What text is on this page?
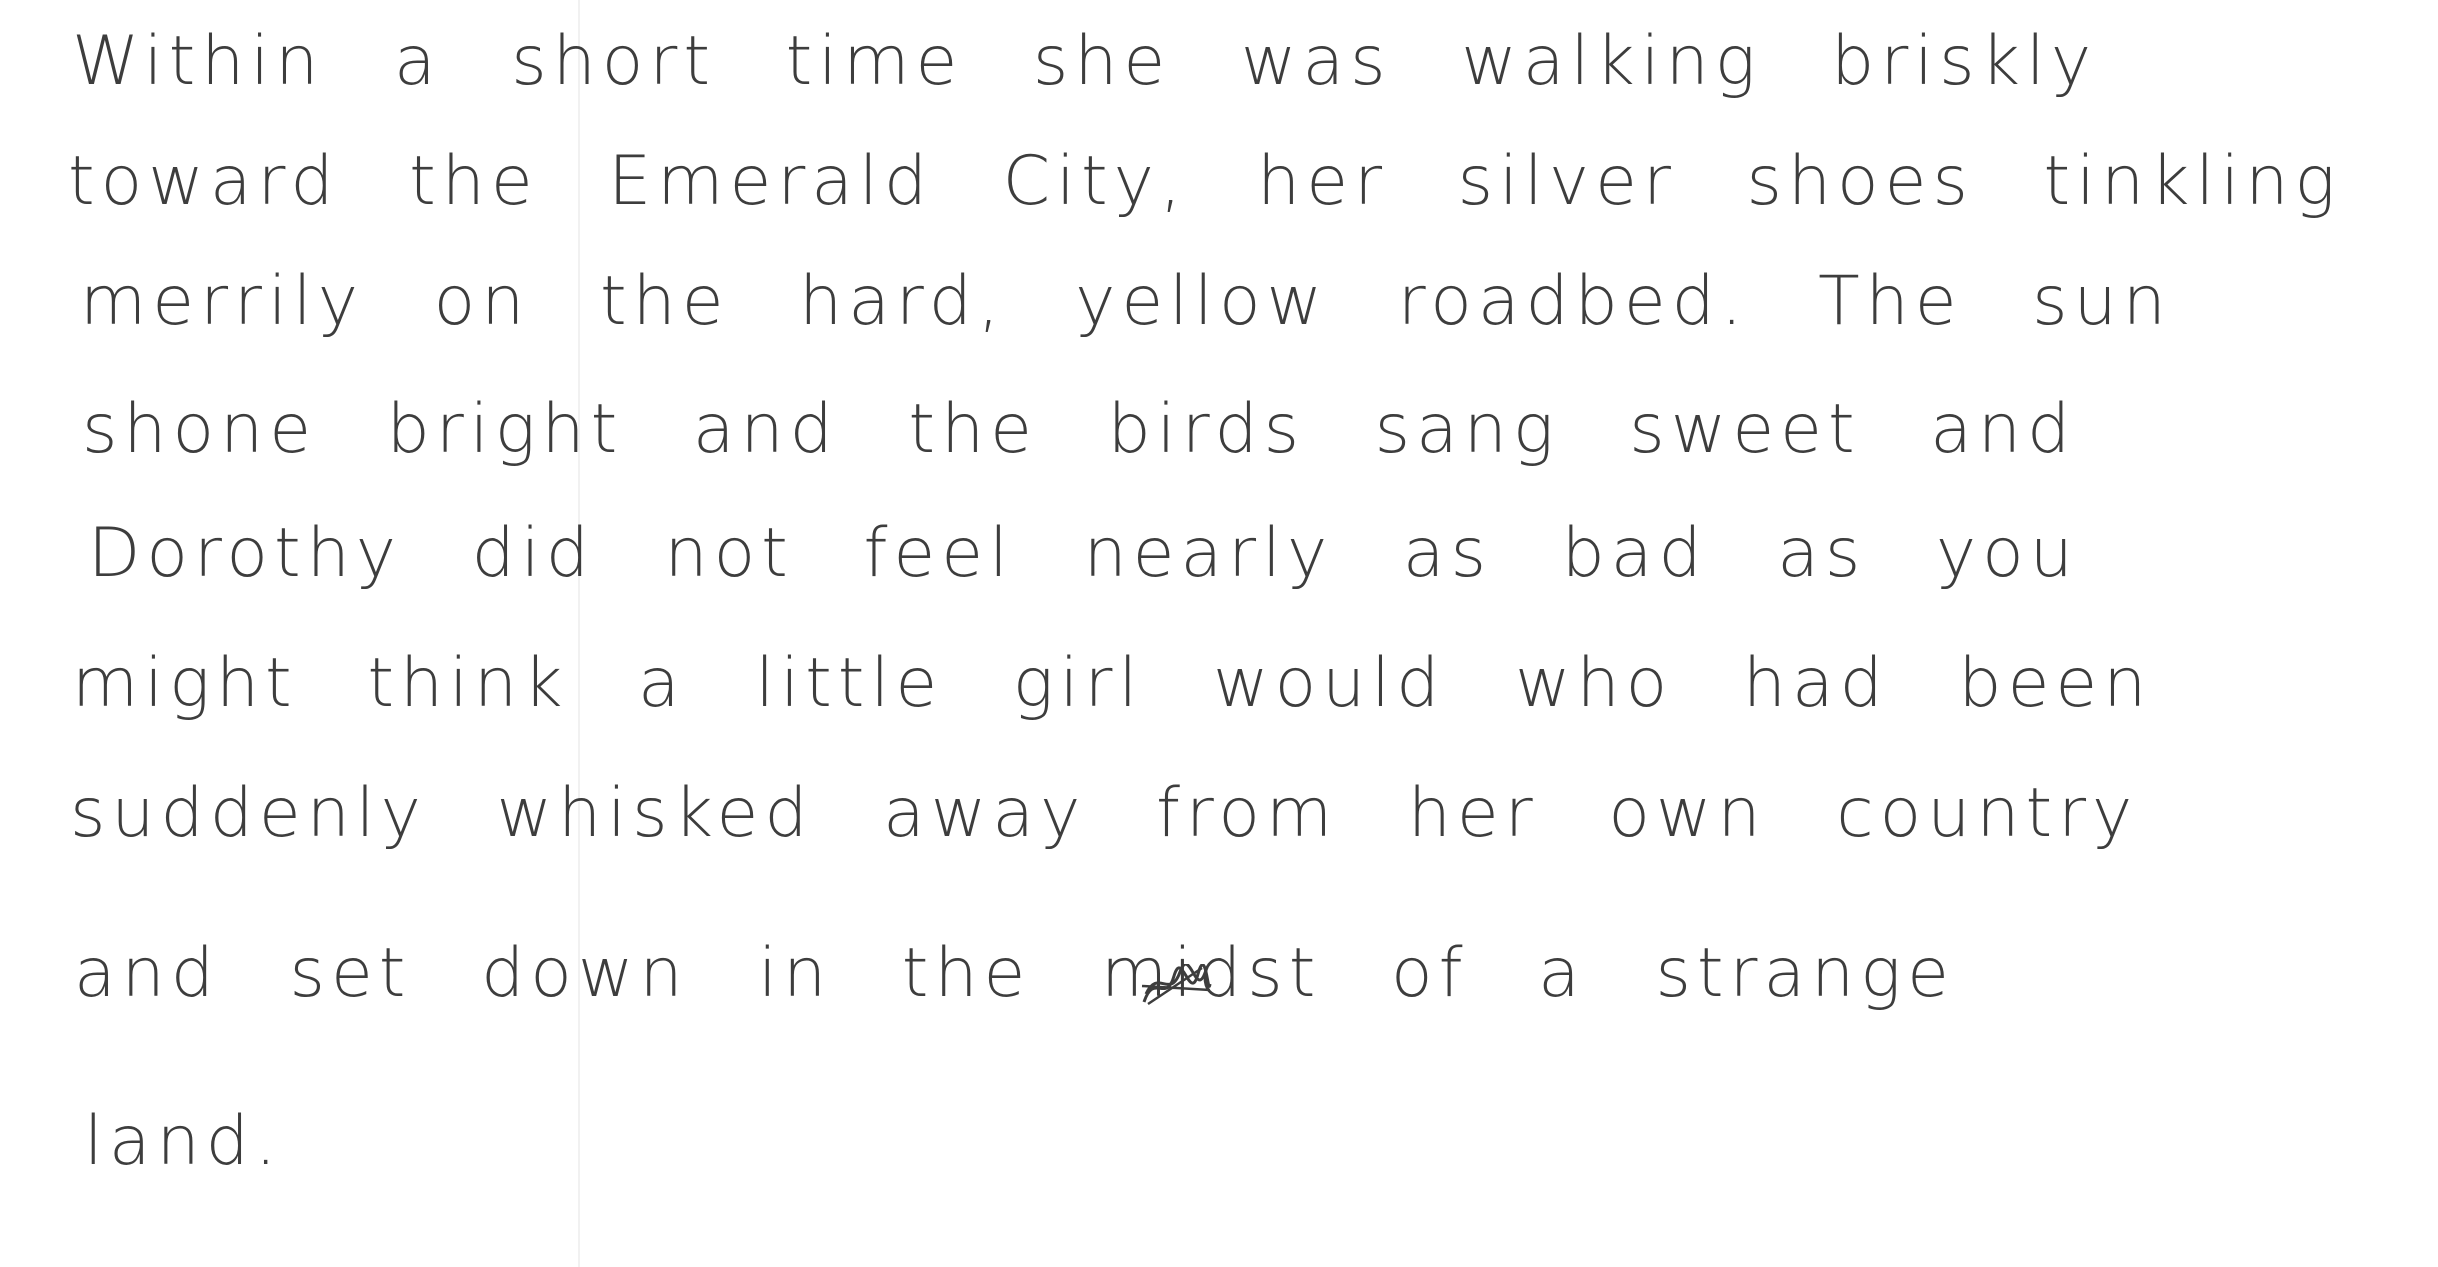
Within a short time she was walking briskly
toward the Emerald City, her silver shoes tinkling
merrily on the hard, yellow roadbed. The sun
shone bright and the birds sang sweet and
Dorothy did not feel nearly as bad as you
might think a little girl would who had been
suddenly whisked away from her own country
and set down in the midst of a strange
land.
